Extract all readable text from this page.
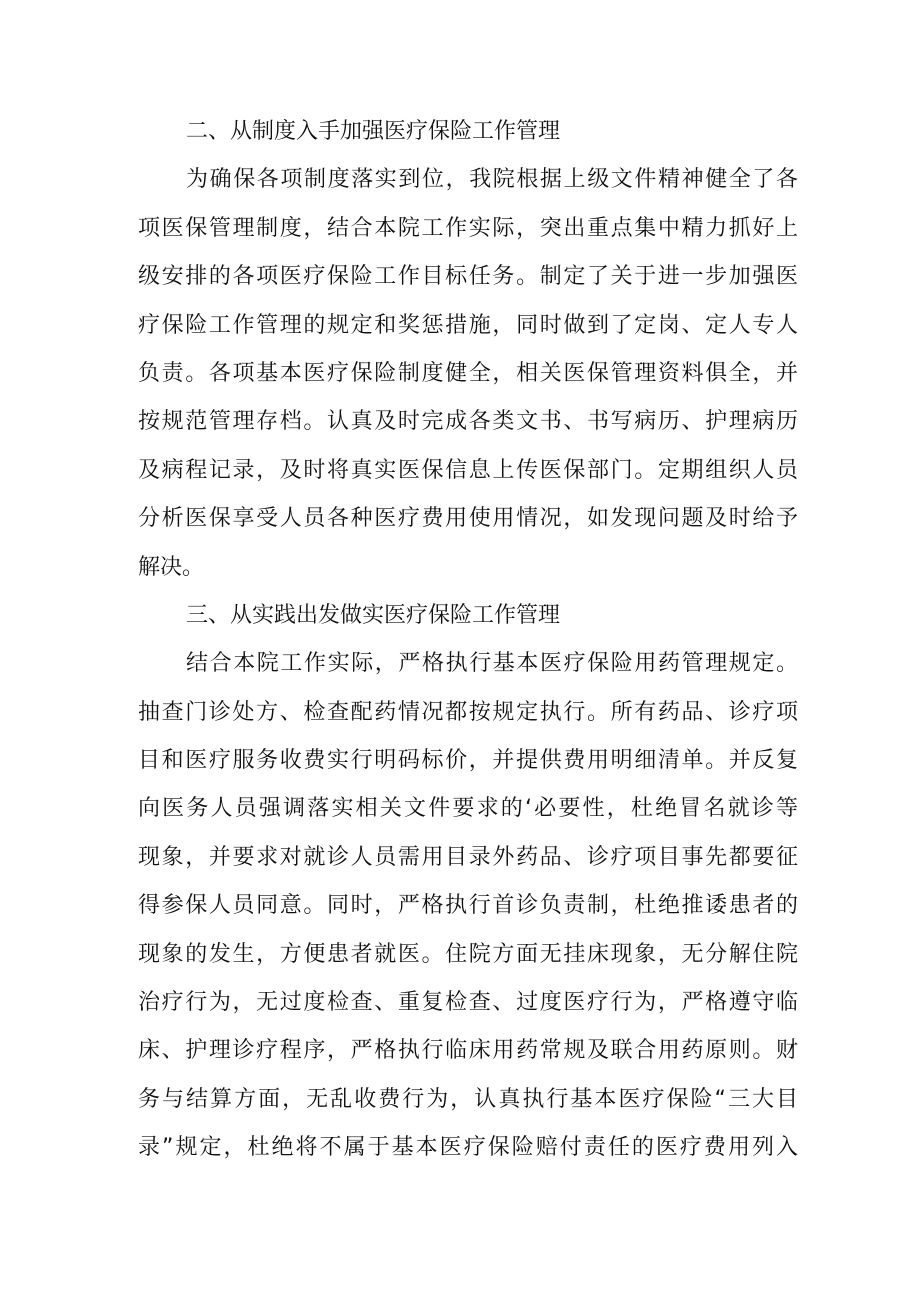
二、从制度入手加强医疗保险工作管理
为确保各项制度落实到位，我院根据上级文件精神健全了各
项医保管理制度，结合本院工作实际，突出重点集中精力抓好上
级安排的各项医疗保险工作目标任务。制定了关于进一步加强医
疗保险工作管理的规定和奖惩措施，同时做到了定岗、定人专人
负责。各项基本医疗保险制度健全，相关医保管理资料俱全，并
按规范管理存档。认真及时完成各类文书、书写病历、护理病历
及病程记录，及时将真实医保信息上传医保部门。定期组织人员
分析医保享受人员各种医疗费用使用情况，如发现问题及时给予
解决。
三、从实践出发做实医疗保险工作管理
结合本院工作实际，严格执行基本医疗保险用药管理规定。
抽查门诊处方、检查配药情况都按规定执行。所有药品、诊疗项
目和医疗服务收费实行明码标价，并提供费用明细清单。并反复
向医务人员强调落实相关文件要求的‘必要性，杜绝冒名就诊等
现象，并要求对就诊人员需用目录外药品、诊疗项目事先都要征
得参保人员同意。同时，严格执行首诊负责制，杜绝推诿患者的
现象的发生，方便患者就医。住院方面无挂床现象，无分解住院
治疗行为，无过度检查、重复检查、过度医疗行为，严格遵守临
床、护理诊疗程序，严格执行临床用药常规及联合用药原则。财
务与结算方面，无乱收费行为，认真执行基本医疗保险“三大目
录”规定，杜绝将不属于基本医疗保险赔付责任的医疗费用列入
